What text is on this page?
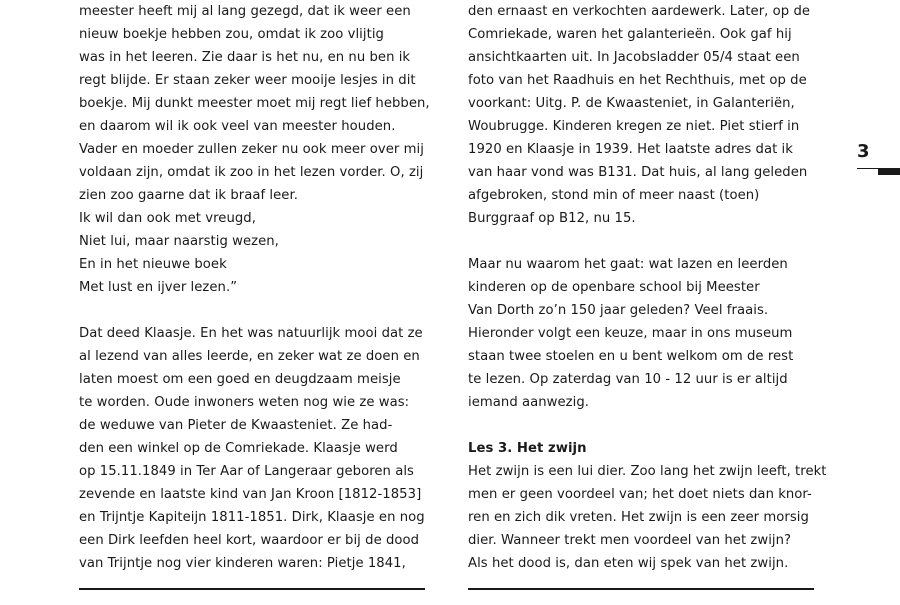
meester heeft mij al lang gezegd, dat ik weer een
nieuw boekje hebben zou, omdat ik zoo vlijtig
was in het leeren. Zie daar is het nu, en nu ben ik
regt blijde. Er staan zeker weer mooije lesjes in dit
boekje. Mij dunkt meester moet mij regt lief hebben,
en daarom wil ik ook veel van meester houden.
Vader en moeder zullen zeker nu ook meer over mij
voldaan zijn, omdat ik zoo in het lezen vorder. O, zij
zien zoo gaarne dat ik braaf leer.
Ik wil dan ook met vreugd,
Niet lui, maar naarstig wezen,
En in het nieuwe boek
Met lust en ijver lezen.”
Dat deed Klaasje. En het was natuurlijk mooi dat ze
al lezend van alles leerde, en zeker wat ze doen en
laten moest om een goed en deugdzaam meisje
te worden. Oude inwoners weten nog wie ze was:
de weduwe van Pieter de Kwaasteniet. Ze had-
den een winkel op de Comriekade. Klaasje werd
op 15.11.1849 in Ter Aar of Langeraar geboren als
zevende en laatste kind van Jan Kroon [1812-1853]
en Trijntje Kapiteijn 1811-1851. Dirk, Klaasje en nog
een Dirk leefden heel kort, waardoor er bij de dood
van Trijntje nog vier kinderen waren: Pietje 1841,
den ernaast en verkochten aardewerk. Later, op de
Comriekade, waren het galanterieën. Ook gaf hij
ansichtkaarten uit. In Jacobsladder 05/4 staat een
foto van het Raadhuis en het Rechthuis, met op de
voorkant: Uitg. P. de Kwaasteniet, in Galanteriën,
Woubrugge. Kinderen kregen ze niet. Piet stierf in
1920 en Klaasje in 1939. Het laatste adres dat ik
van haar vond was B131. Dat huis, al lang geleden
afgebroken, stond min of meer naast (toen)
Burggraaf op B12, nu 15.
Maar nu waarom het gaat: wat lazen en leerden
kinderen op de openbare school bij Meester
Van Dorth zo’n 150 jaar geleden? Veel fraais.
Hieronder volgt een keuze, maar in ons museum
staan twee stoelen en u bent welkom om de rest
te lezen. Op zaterdag van 10 - 12 uur is er altijd
iemand aanwezig.
Les 3. Het zwijn
Het zwijn is een lui dier. Zoo lang het zwijn leeft, trekt
men er geen voordeel van; het doet niets dan knor-
ren en zich dik vreten. Het zwijn is een zeer morsig
dier. Wanneer trekt men voordeel van het zwijn?
Als het dood is, dan eten wij spek van het zwijn.
3
